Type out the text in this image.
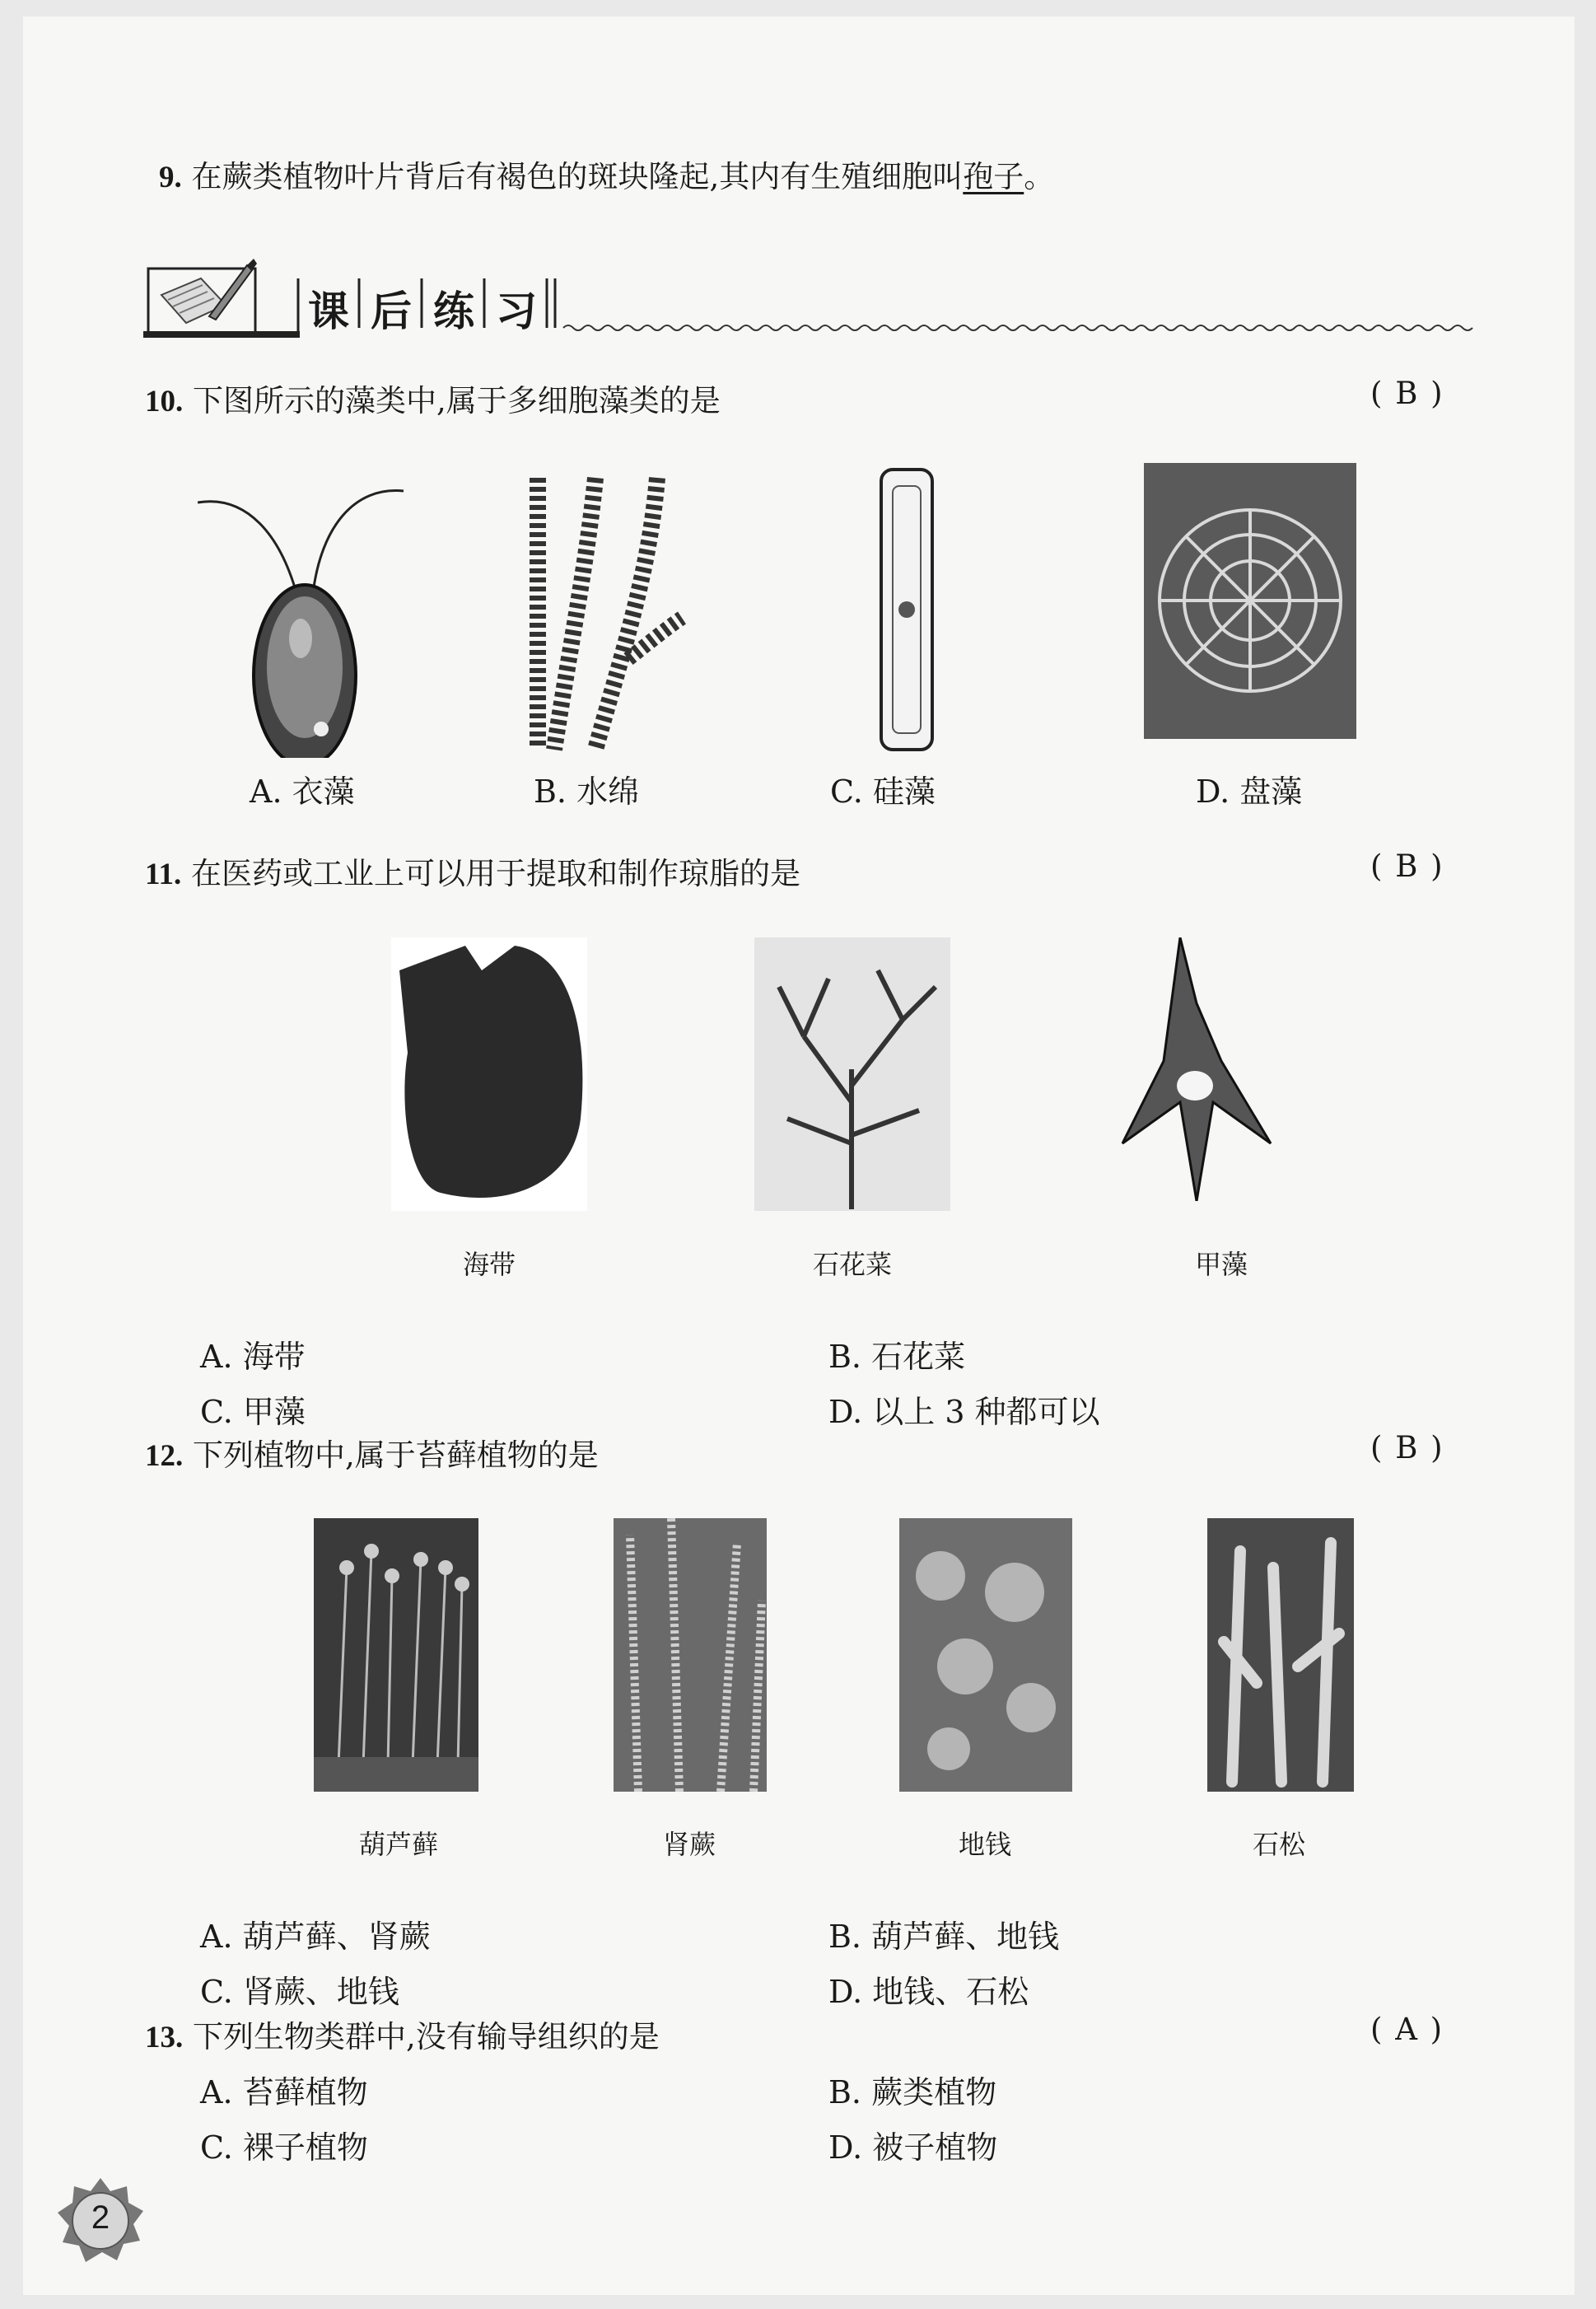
9. 在蕨类植物叶片背后有褐色的斑块隆起,其内有生殖细胞叫孢子。
课 后 练 习
10. 下图所示的藻类中,属于多细胞藻类的是	( B )
A. 衣藻	B. 水绵	C. 硅藻	D. 盘藻
11. 在医药或工业上可以用于提取和制作琼脂的是	( B )
海带	石花菜	甲藻
A. 海带	B. 石花菜
C. 甲藻	D. 以上 3 种都可以
12. 下列植物中,属于苔藓植物的是	( B )
葫芦藓	肾蕨	地钱	石松
A. 葫芦藓、肾蕨	B. 葫芦藓、地钱
C. 肾蕨、地钱	D. 地钱、石松
13. 下列生物类群中,没有输导组织的是	( A )
A. 苔藓植物	B. 蕨类植物
C. 裸子植物	D. 被子植物
2
